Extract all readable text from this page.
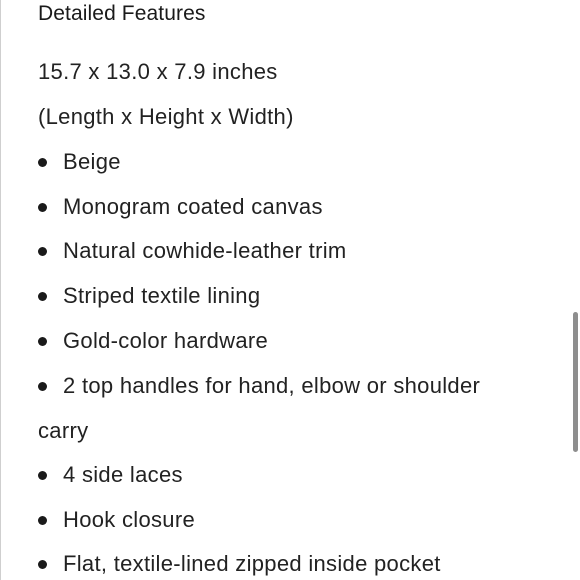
Detailed Features
15.7 x 13.0 x 7.9 inches
(Length x Height x Width)
Beige
Monogram coated canvas
Natural cowhide-leather trim
Striped textile lining
Gold-color hardware
2 top handles for hand, elbow or shoulder
carry
4 side laces
Hook closure
Flat, textile-lined zipped inside pocket
